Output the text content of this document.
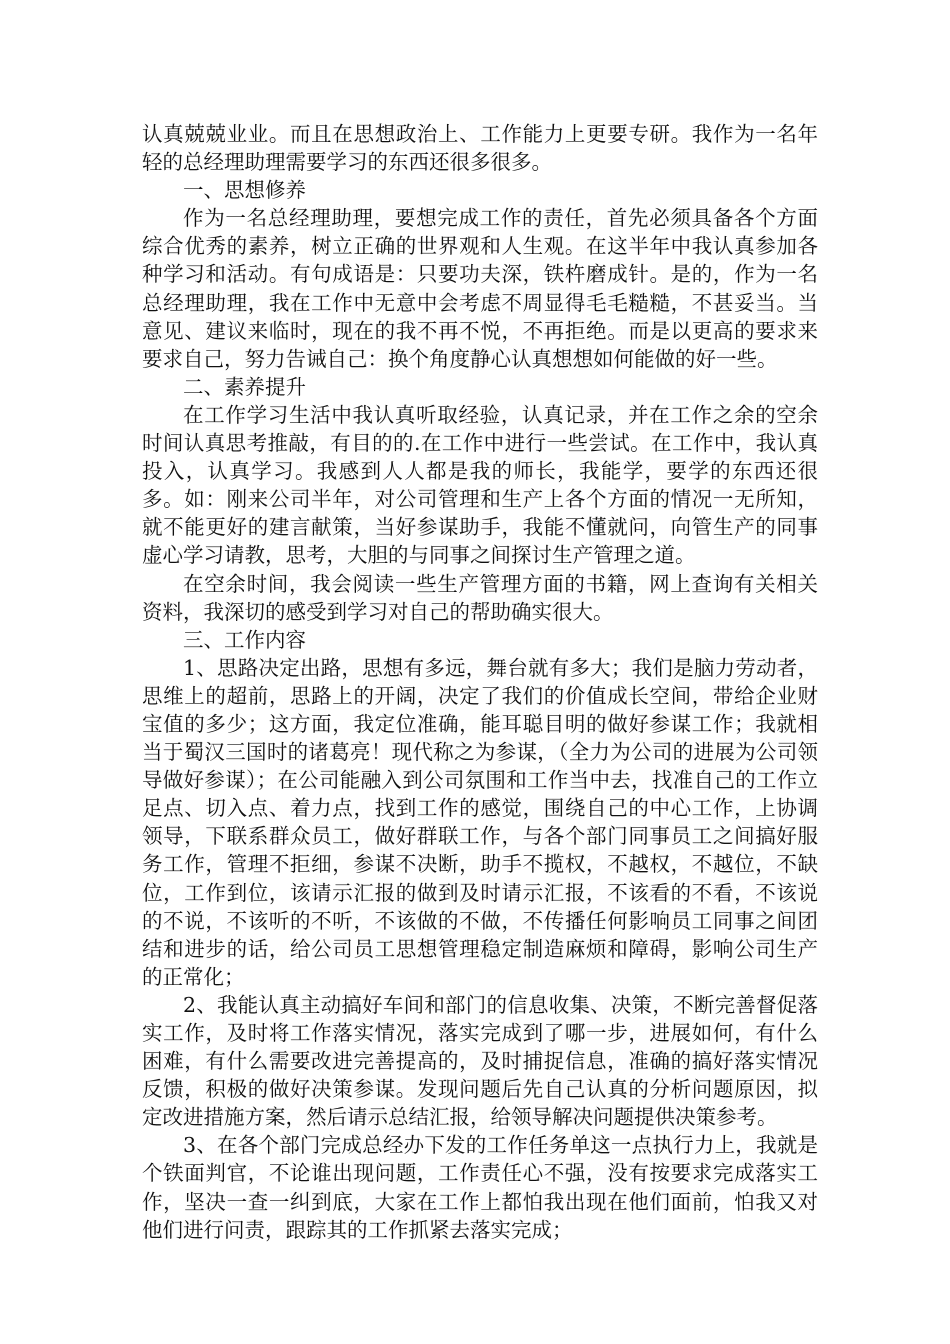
认真兢兢业业。而且在思想政治上、工作能力上更要专研。我作为一名年轻的总经理助理需要学习的东西还很多很多。

一、思想修养

作为一名总经理助理，要想完成工作的责任，首先必须具备各个方面综合优秀的素养，树立正确的世界观和人生观。在这半年中我认真参加各种学习和活动。有句成语是：只要功夫深，铁杵磨成针。是的，作为一名总经理助理，我在工作中无意中会考虑不周显得毛毛糙糙，不甚妥当。当意见、建议来临时，现在的我不再不悦，不再拒绝。而是以更高的要求来要求自己，努力告诫自己：换个角度静心认真想想如何能做的好一些。

二、素养提升

在工作学习生活中我认真听取经验，认真记录，并在工作之余的空余时间认真思考推敲，有目的的.在工作中进行一些尝试。在工作中，我认真投入，认真学习。我感到人人都是我的师长，我能学，要学的东西还很多。如：刚来公司半年，对公司管理和生产上各个方面的情况一无所知，就不能更好的建言献策，当好参谋助手，我能不懂就问，向管生产的同事虚心学习请教，思考，大胆的与同事之间探讨生产管理之道。

在空余时间，我会阅读一些生产管理方面的书籍，网上查询有关相关资料，我深切的感受到学习对自己的帮助确实很大。

三、工作内容

1、思路决定出路，思想有多远，舞台就有多大；我们是脑力劳动者，思维上的超前，思路上的开阔，决定了我们的价值成长空间，带给企业财宝值的多少；这方面，我定位准确，能耳聪目明的做好参谋工作；我就相当于蜀汉三国时的诸葛亮！现代称之为参谋，（全力为公司的进展为公司领导做好参谋）；在公司能融入到公司氛围和工作当中去，找准自己的工作立足点、切入点、着力点，找到工作的感觉，围绕自己的中心工作，上协调领导，下联系群众员工，做好群联工作，与各个部门同事员工之间搞好服务工作，管理不拒细，参谋不决断，助手不揽权，不越权，不越位，不缺位，工作到位，该请示汇报的做到及时请示汇报，不该看的不看，不该说的不说，不该听的不听，不该做的不做，不传播任何影响员工同事之间团结和进步的话，给公司员工思想管理稳定制造麻烦和障碍，影响公司生产的正常化；

2、我能认真主动搞好车间和部门的信息收集、决策，不断完善督促落实工作，及时将工作落实情况，落实完成到了哪一步，进展如何，有什么困难，有什么需要改进完善提高的，及时捕捉信息，准确的搞好落实情况反馈，积极的做好决策参谋。发现问题后先自己认真的分析问题原因，拟定改进措施方案，然后请示总结汇报，给领导解决问题提供决策参考。

3、在各个部门完成总经办下发的工作任务单这一点执行力上，我就是个铁面判官，不论谁出现问题，工作责任心不强，没有按要求完成落实工作，坚决一查一纠到底，大家在工作上都怕我出现在他们面前，怕我又对他们进行问责，跟踪其的工作抓紧去落实完成；
